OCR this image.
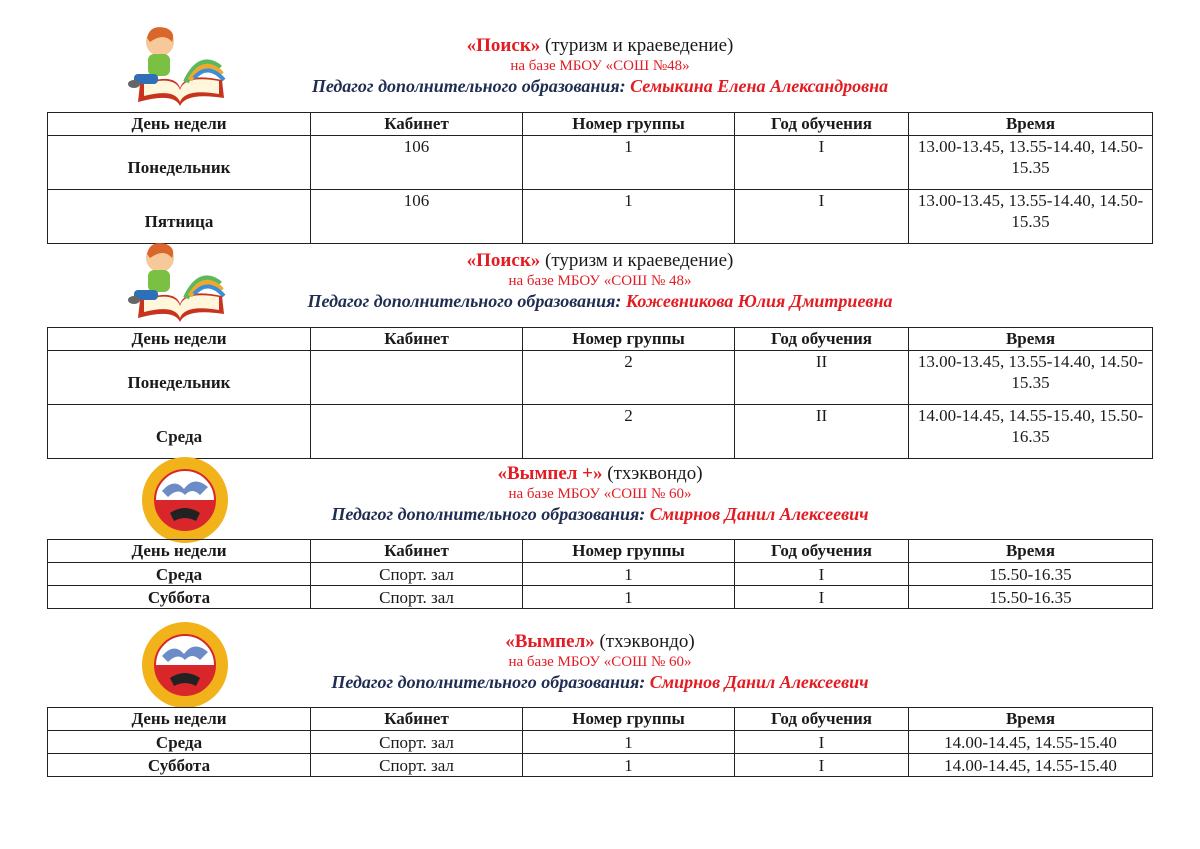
«Поиск» (туризм и краеведение)
на базе МБОУ «СОШ №48»
Педагог дополнительного образования: Семыкина Елена Александровна
День недели	Кабинет	Номер группы	Год обучения	Время
Понедельник	106	1	I	13.00-13.45, 13.55-14.40, 14.50-15.35
Пятница	106	1	I	13.00-13.45, 13.55-14.40, 14.50-15.35
«Поиск» (туризм и краеведение)
на базе МБОУ «СОШ № 48»
Педагог дополнительного образования: Кожевникова Юлия Дмитриевна
День недели	Кабинет	Номер группы	Год обучения	Время
Понедельник		2	II	13.00-13.45, 13.55-14.40, 14.50-15.35
Среда		2	II	14.00-14.45, 14.55-15.40, 15.50-16.35
«Вымпел +» (тхэквондо)
на базе МБОУ «СОШ № 60»
Педагог дополнительного образования: Смирнов Данил Алексеевич
День недели	Кабинет	Номер группы	Год обучения	Время
Среда	Спорт. зал	1	I	15.50-16.35
Суббота	Спорт. зал	1	I	15.50-16.35
«Вымпел» (тхэквондо)
на базе МБОУ «СОШ № 60»
Педагог дополнительного образования: Смирнов Данил Алексеевич
День недели	Кабинет	Номер группы	Год обучения	Время
Среда	Спорт. зал	1	I	14.00-14.45, 14.55-15.40
Суббота	Спорт. зал	1	I	14.00-14.45, 14.55-15.40
